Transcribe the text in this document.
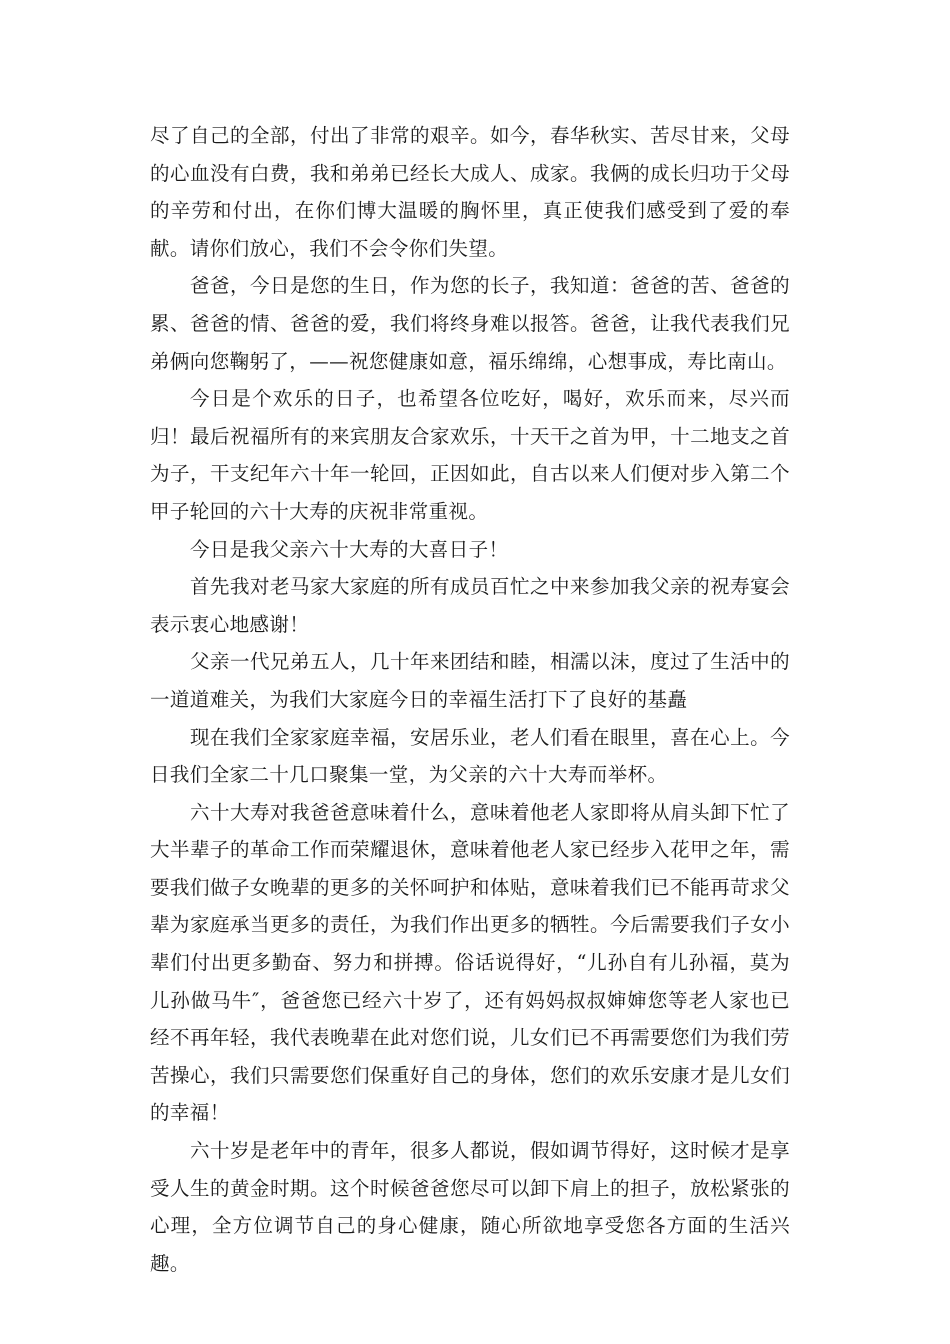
尽了自己的全部，付出了非常的艰辛。如今，春华秋实、苦尽甘来，父母的心血没有白费，我和弟弟已经长大成人、成家。我俩的成长归功于父母的辛劳和付出，在你们博大温暖的胸怀里，真正使我们感受到了爱的奉献。请你们放心，我们不会令你们失望。

爸爸，今日是您的生日，作为您的长子，我知道：爸爸的苦、爸爸的累、爸爸的情、爸爸的爱，我们将终身难以报答。爸爸，让我代表我们兄弟俩向您鞠躬了，——祝您健康如意，福乐绵绵，心想事成，寿比南山。

今日是个欢乐的日子，也希望各位吃好，喝好，欢乐而来，尽兴而归！最后祝福所有的来宾朋友合家欢乐，十天干之首为甲，十二地支之首为子，干支纪年六十年一轮回，正因如此，自古以来人们便对步入第二个甲子轮回的六十大寿的庆祝非常重视。

今日是我父亲六十大寿的大喜日子！

首先我对老马家大家庭的所有成员百忙之中来参加我父亲的祝寿宴会表示衷心地感谢！

父亲一代兄弟五人，几十年来团结和睦，相濡以沫，度过了生活中的一道道难关，为我们大家庭今日的幸福生活打下了良好的基矗

现在我们全家家庭幸福，安居乐业，老人们看在眼里，喜在心上。今日我们全家二十几口聚集一堂，为父亲的六十大寿而举杯。

六十大寿对我爸爸意味着什么，意味着他老人家即将从肩头卸下忙了大半辈子的革命工作而荣耀退休，意味着他老人家已经步入花甲之年，需要我们做子女晚辈的更多的关怀呵护和体贴，意味着我们已不能再苛求父辈为家庭承当更多的责任，为我们作出更多的牺牲。今后需要我们子女小辈们付出更多勤奋、努力和拼搏。俗话说得好，“儿孙自有儿孙福，莫为儿孙做马牛″，爸爸您已经六十岁了，还有妈妈叔叔婶婶您等老人家也已经不再年轻，我代表晚辈在此对您们说，儿女们已不再需要您们为我们劳苦操心，我们只需要您们保重好自己的身体，您们的欢乐安康才是儿女们的幸福！

六十岁是老年中的青年，很多人都说，假如调节得好，这时候才是享受人生的黄金时期。这个时候爸爸您尽可以卸下肩上的担子，放松紧张的心理，全方位调节自己的身心健康，随心所欲地享受您各方面的生活兴趣。
